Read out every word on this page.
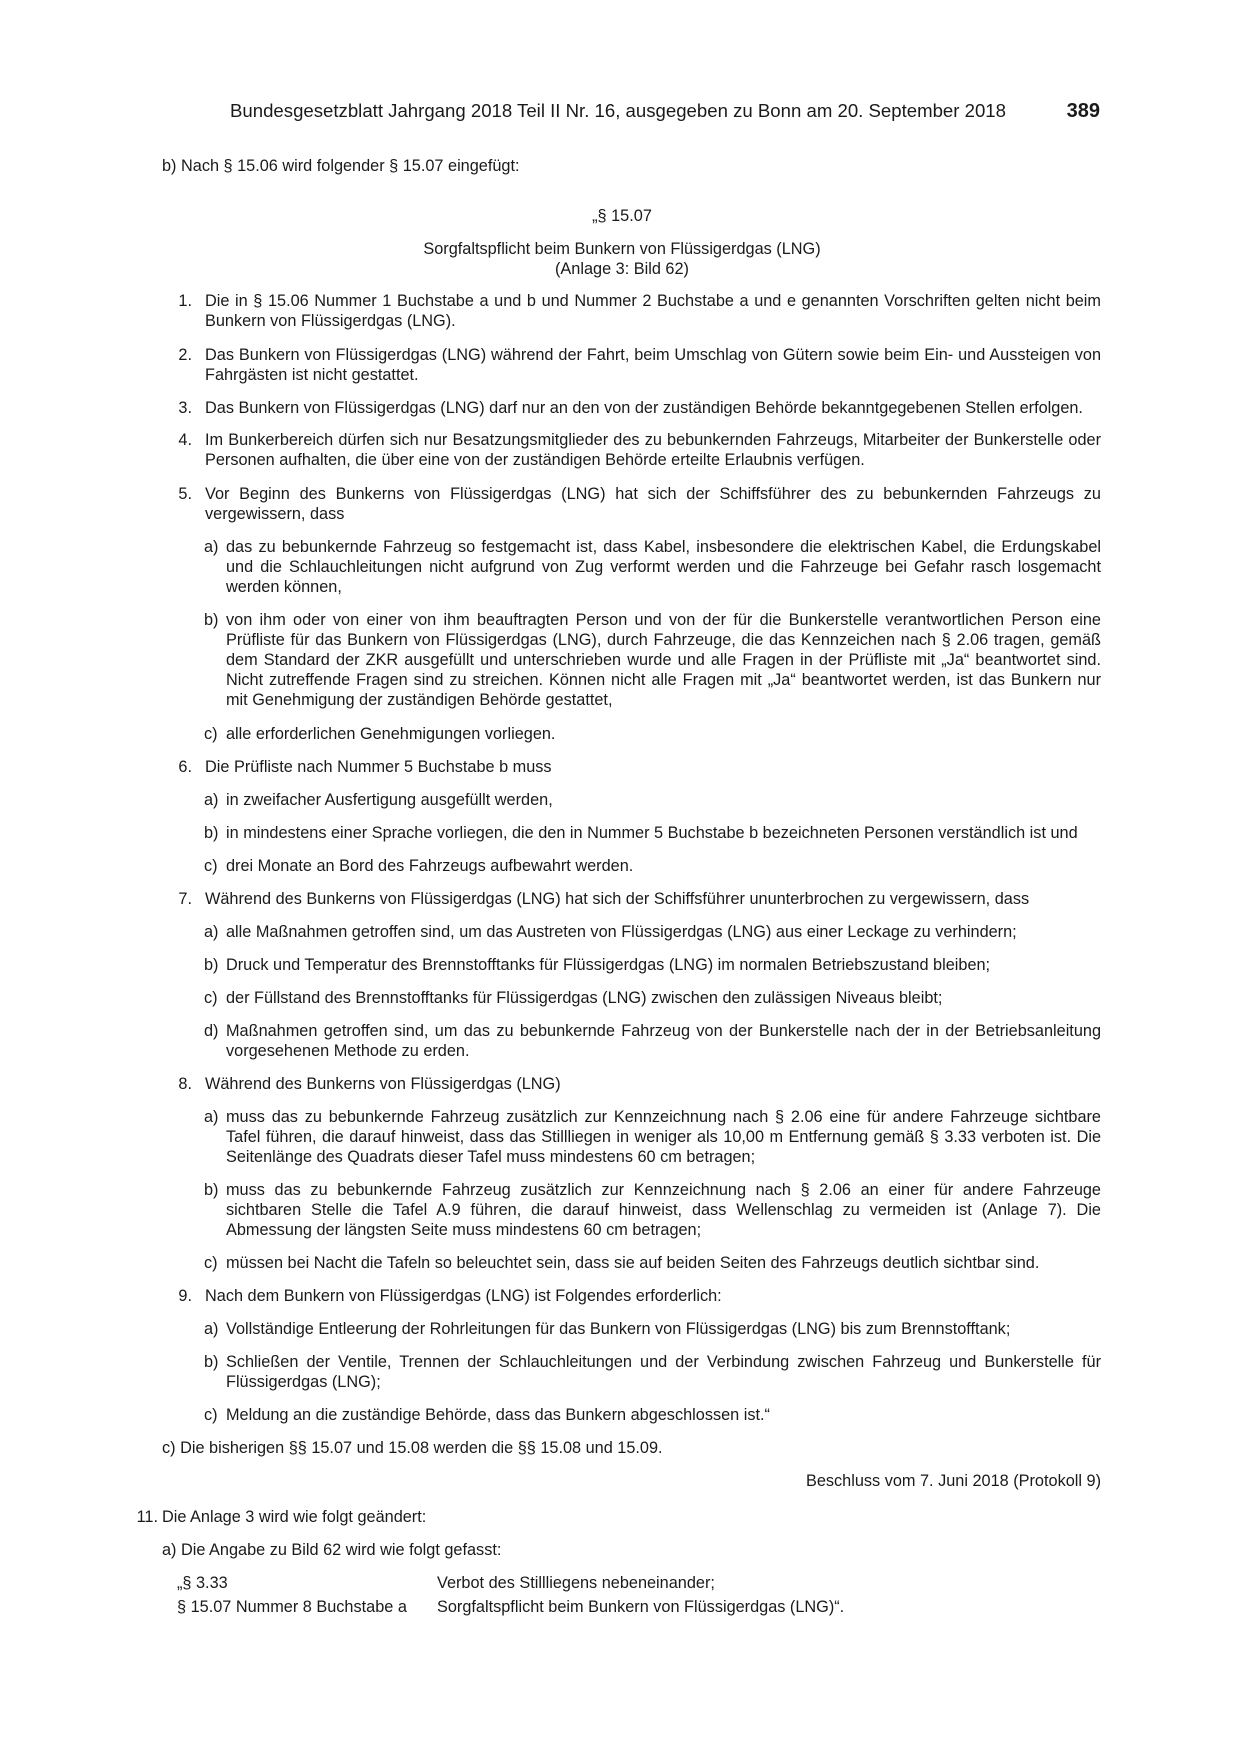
Bundesgesetzblatt Jahrgang 2018 Teil II Nr. 16, ausgegeben zu Bonn am 20. September 2018	389
b) Nach § 15.06 wird folgender § 15.07 eingefügt:
„§ 15.07
Sorgfaltspflicht beim Bunkern von Flüssigerdgas (LNG)
(Anlage 3: Bild 62)
1. Die in § 15.06 Nummer 1 Buchstabe a und b und Nummer 2 Buchstabe a und e genannten Vorschriften gelten nicht beim Bunkern von Flüssigerdgas (LNG).
2. Das Bunkern von Flüssigerdgas (LNG) während der Fahrt, beim Umschlag von Gütern sowie beim Ein- und Aussteigen von Fahrgästen ist nicht gestattet.
3. Das Bunkern von Flüssigerdgas (LNG) darf nur an den von der zuständigen Behörde bekanntgegebenen Stellen erfolgen.
4. Im Bunkerbereich dürfen sich nur Besatzungsmitglieder des zu bebunkernden Fahrzeugs, Mitarbeiter der Bunkerstelle oder Personen aufhalten, die über eine von der zuständigen Behörde erteilte Erlaubnis verfügen.
5. Vor Beginn des Bunkerns von Flüssigerdgas (LNG) hat sich der Schiffsführer des zu bebunkernden Fahrzeugs zu vergewissern, dass
a) das zu bebunkernde Fahrzeug so festgemacht ist, dass Kabel, insbesondere die elektrischen Kabel, die Erdungskabel und die Schlauchleitungen nicht aufgrund von Zug verformt werden und die Fahrzeuge bei Gefahr rasch losgemacht werden können,
b) von ihm oder von einer von ihm beauftragten Person und von der für die Bunkerstelle verantwortlichen Person eine Prüfliste für das Bunkern von Flüssigerdgas (LNG), durch Fahrzeuge, die das Kennzeichen nach § 2.06 tragen, gemäß dem Standard der ZKR ausgefüllt und unterschrieben wurde und alle Fragen in der Prüfliste mit „Ja“ beantwortet sind. Nicht zutreffende Fragen sind zu streichen. Können nicht alle Fragen mit „Ja“ beantwortet werden, ist das Bunkern nur mit Genehmigung der zuständigen Behörde gestattet,
c) alle erforderlichen Genehmigungen vorliegen.
6. Die Prüfliste nach Nummer 5 Buchstabe b muss
a) in zweifacher Ausfertigung ausgefüllt werden,
b) in mindestens einer Sprache vorliegen, die den in Nummer 5 Buchstabe b bezeichneten Personen verständlich ist und
c) drei Monate an Bord des Fahrzeugs aufbewahrt werden.
7. Während des Bunkerns von Flüssigerdgas (LNG) hat sich der Schiffsführer ununterbrochen zu vergewissern, dass
a) alle Maßnahmen getroffen sind, um das Austreten von Flüssigerdgas (LNG) aus einer Leckage zu verhindern;
b) Druck und Temperatur des Brennstofftanks für Flüssigerdgas (LNG) im normalen Betriebszustand bleiben;
c) der Füllstand des Brennstofftanks für Flüssigerdgas (LNG) zwischen den zulässigen Niveaus bleibt;
d) Maßnahmen getroffen sind, um das zu bebunkernde Fahrzeug von der Bunkerstelle nach der in der Betriebsanleitung vorgesehenen Methode zu erden.
8. Während des Bunkerns von Flüssigerdgas (LNG)
a) muss das zu bebunkernde Fahrzeug zusätzlich zur Kennzeichnung nach § 2.06 eine für andere Fahrzeuge sichtbare Tafel führen, die darauf hinweist, dass das Stillliegen in weniger als 10,00 m Entfernung gemäß § 3.33 verboten ist. Die Seitenlänge des Quadrats dieser Tafel muss mindestens 60 cm betragen;
b) muss das zu bebunkernde Fahrzeug zusätzlich zur Kennzeichnung nach § 2.06 an einer für andere Fahrzeuge sichtbaren Stelle die Tafel A.9 führen, die darauf hinweist, dass Wellenschlag zu vermeiden ist (Anlage 7). Die Abmessung der längsten Seite muss mindestens 60 cm betragen;
c) müssen bei Nacht die Tafeln so beleuchtet sein, dass sie auf beiden Seiten des Fahrzeugs deutlich sichtbar sind.
9. Nach dem Bunkern von Flüssigerdgas (LNG) ist Folgendes erforderlich:
a) Vollständige Entleerung der Rohrleitungen für das Bunkern von Flüssigerdgas (LNG) bis zum Brennstofftank;
b) Schließen der Ventile, Trennen der Schlauchleitungen und der Verbindung zwischen Fahrzeug und Bunkerstelle für Flüssigerdgas (LNG);
c) Meldung an die zuständige Behörde, dass das Bunkern abgeschlossen ist.“
c) Die bisherigen §§ 15.07 und 15.08 werden die §§ 15.08 und 15.09.
Beschluss vom 7. Juni 2018 (Protokoll 9)
11. Die Anlage 3 wird wie folgt geändert:
a) Die Angabe zu Bild 62 wird wie folgt gefasst:
„§ 3.33	Verbot des Stillliegens nebeneinander;
§ 15.07 Nummer 8 Buchstabe a Sorgfaltspflicht beim Bunkern von Flüssigerdgas (LNG)“.
